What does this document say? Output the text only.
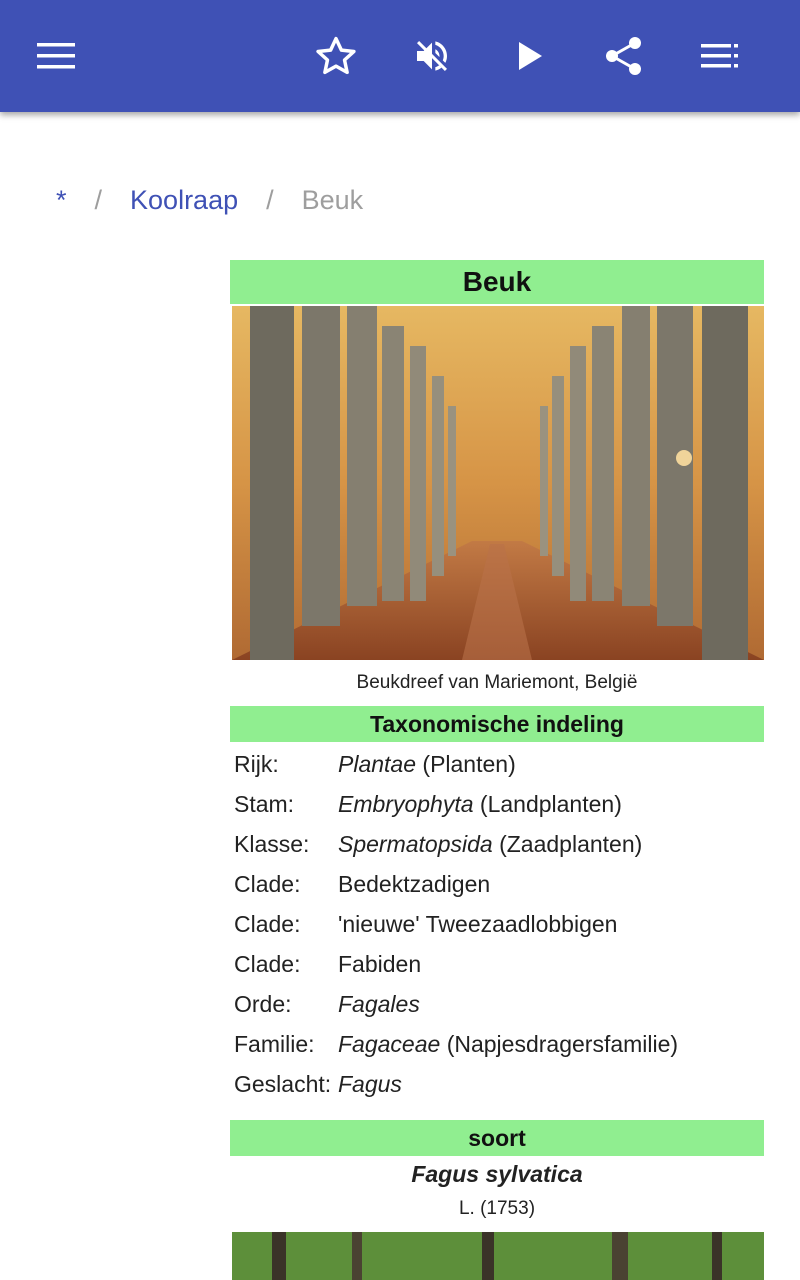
* / Koolraap / Beuk
Beuk
Beukdreef van Mariemont, België
Taxonomische indeling
Rijk:	Plantae (Planten)
Stam:	Embryophyta (Landplanten)
Klasse:	Spermatopsida (Zaadplanten)
Clade:	Bedektzadigen
Clade:	'nieuwe' Tweezaadlobbigen
Clade:	Fabiden
Orde:	Fagales
Familie:	Fagaceae (Napjesdragersfamilie)
Geslacht: Fagus
soort
Fagus sylvatica
L. (1753)
